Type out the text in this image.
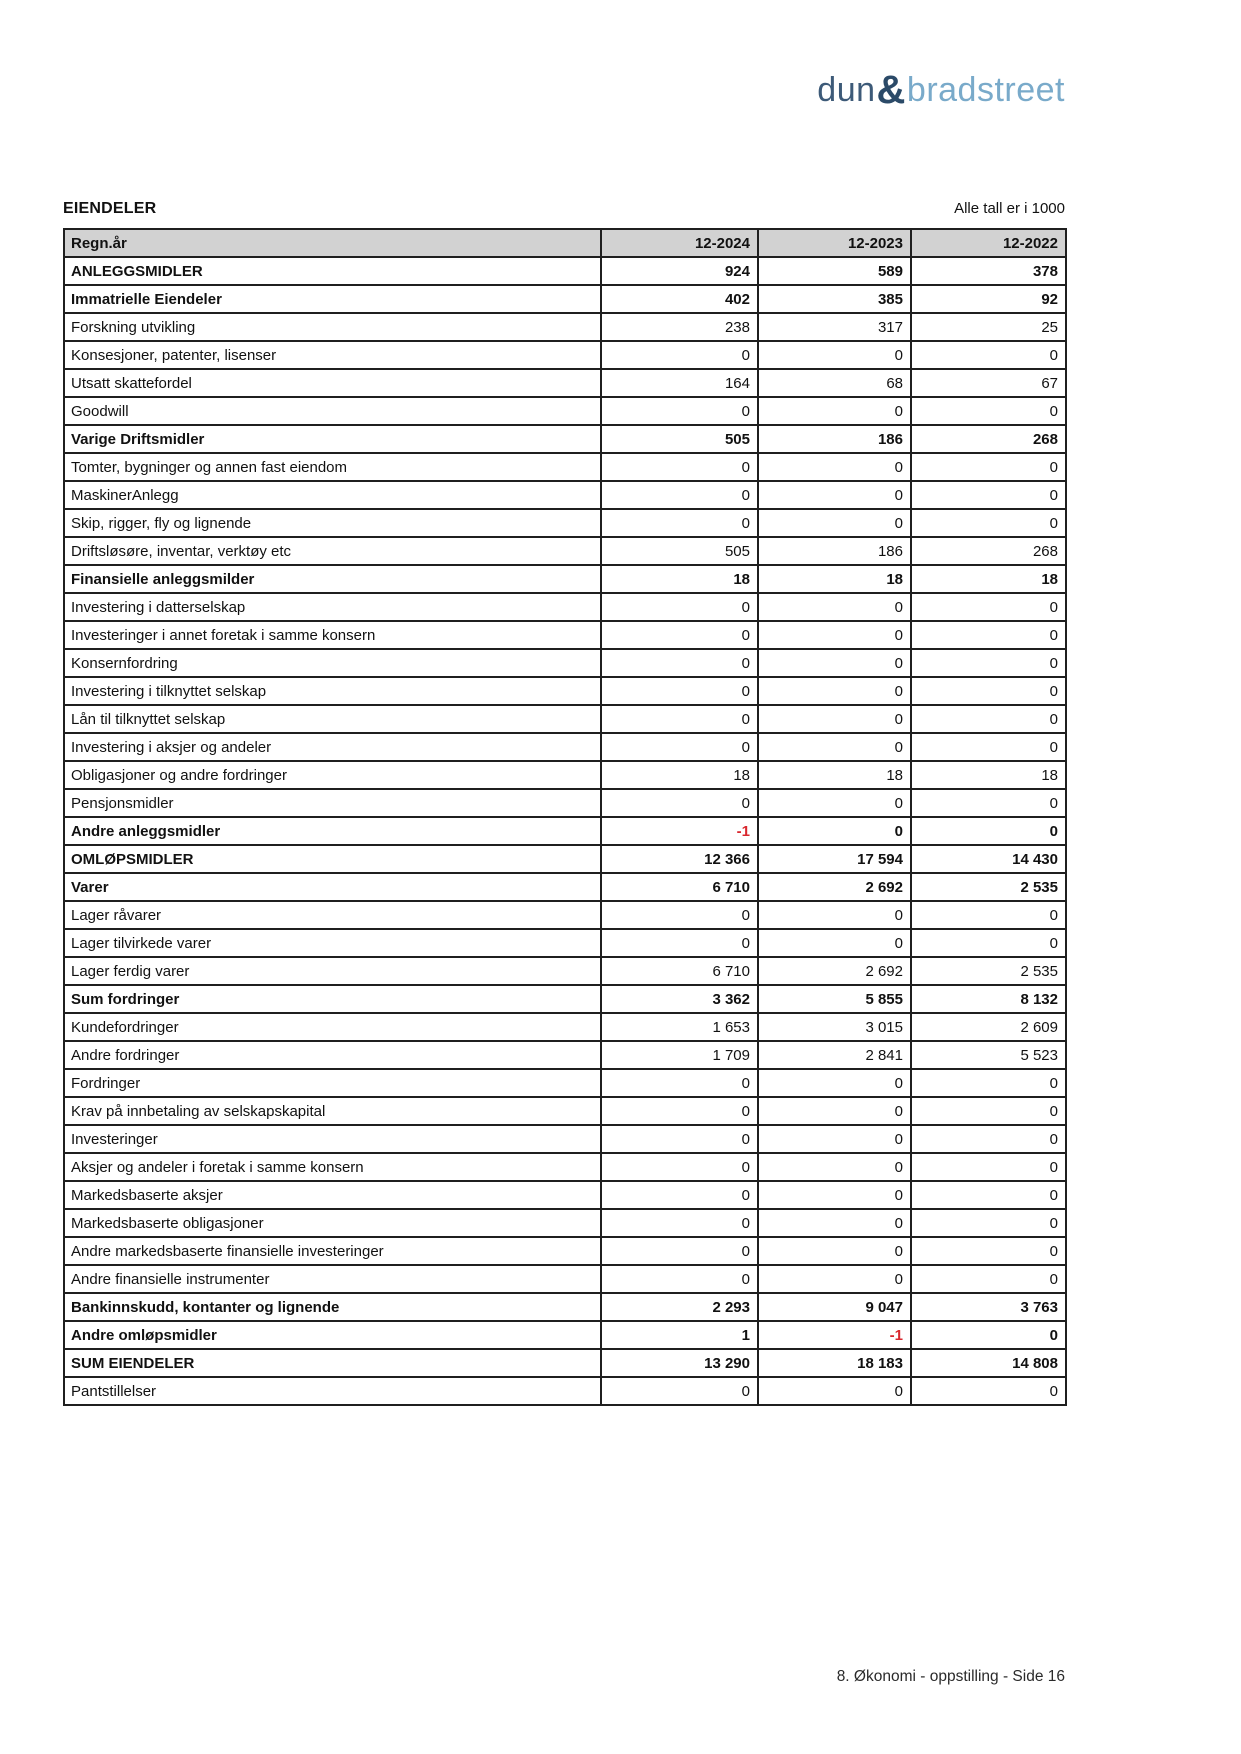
dun&bradstreet
EIENDELER	Alle tall er i 1000
Regn.år	12-2024	12-2023	12-2022
ANLEGGSMIDLER	924	589	378
Immatrielle Eiendeler	402	385	92
Forskning utvikling	238	317	25
Konsesjoner, patenter, lisenser	0	0	0
Utsatt skattefordel	164	68	67
Goodwill	0	0	0
Varige Driftsmidler	505	186	268
Tomter, bygninger og annen fast eiendom	0	0	0
MaskinerAnlegg	0	0	0
Skip, rigger, fly og lignende	0	0	0
Driftsløsøre, inventar, verktøy etc	505	186	268
Finansielle anleggsmilder	18	18	18
Investering i datterselskap	0	0	0
Investeringer i annet foretak i samme konsern	0	0	0
Konsernfordring	0	0	0
Investering i tilknyttet selskap	0	0	0
Lån til tilknyttet selskap	0	0	0
Investering i aksjer og andeler	0	0	0
Obligasjoner og andre fordringer	18	18	18
Pensjonsmidler	0	0	0
Andre anleggsmidler	-1	0	0
OMLØPSMIDLER	12 366	17 594	14 430
Varer	6 710	2 692	2 535
Lager råvarer	0	0	0
Lager tilvirkede varer	0	0	0
Lager ferdig varer	6 710	2 692	2 535
Sum fordringer	3 362	5 855	8 132
Kundefordringer	1 653	3 015	2 609
Andre fordringer	1 709	2 841	5 523
Fordringer	0	0	0
Krav på innbetaling av selskapskapital	0	0	0
Investeringer	0	0	0
Aksjer og andeler i foretak i samme konsern	0	0	0
Markedsbaserte aksjer	0	0	0
Markedsbaserte obligasjoner	0	0	0
Andre markedsbaserte finansielle investeringer	0	0	0
Andre finansielle instrumenter	0	0	0
Bankinnskudd, kontanter og lignende	2 293	9 047	3 763
Andre omløpsmidler	1	-1	0
SUM EIENDELER	13 290	18 183	14 808
Pantstillelser	0	0	0
8. Økonomi - oppstilling - Side 16
